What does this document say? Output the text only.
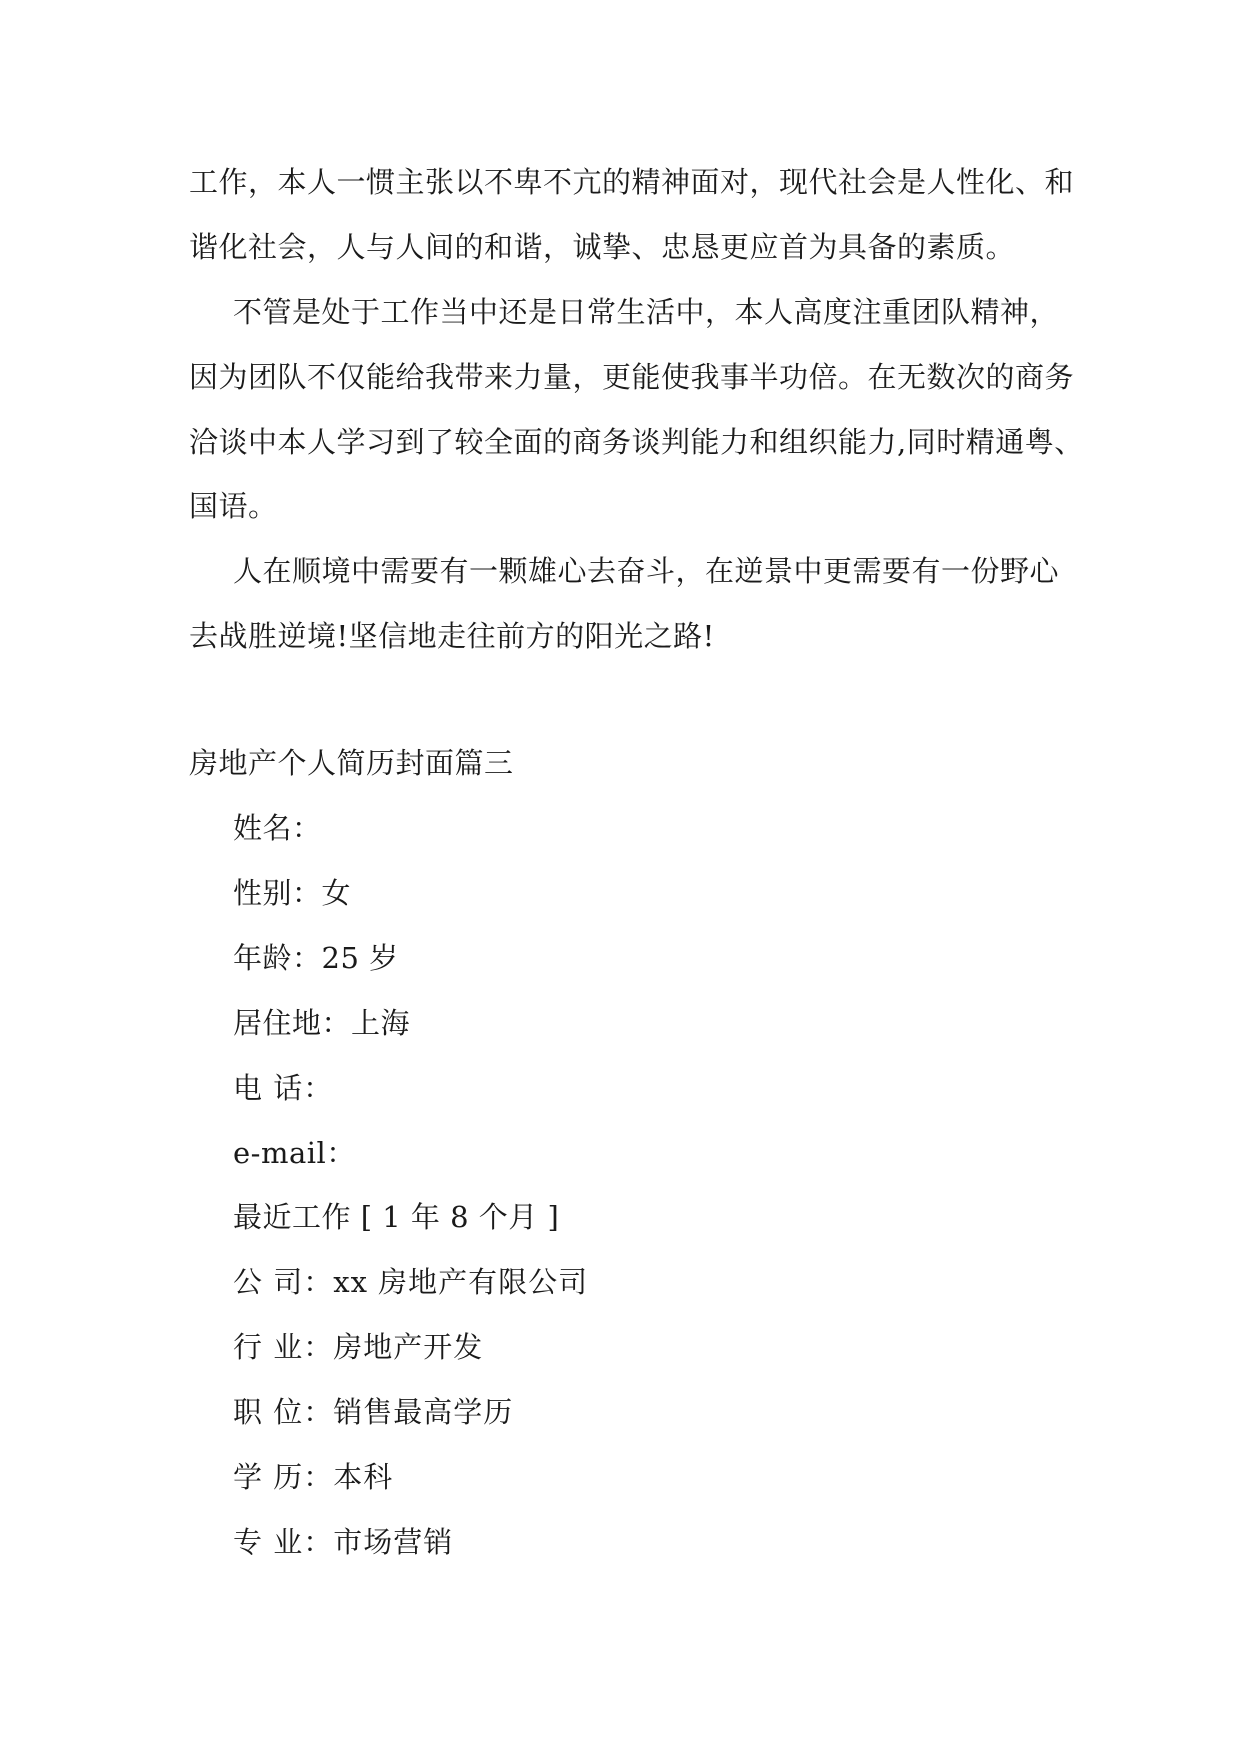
工作，本人一惯主张以不卑不亢的精神面对，现代社会是人性化、和
谐化社会，人与人间的和谐，诚挚、忠恳更应首为具备的素质。
不管是处于工作当中还是日常生活中，本人高度注重团队精神，
因为团队不仅能给我带来力量，更能使我事半功倍。在无数次的商务
洽谈中本人学习到了较全面的商务谈判能力和组织能力,同时精通粤、
国语。
人在顺境中需要有一颗雄心去奋斗，在逆景中更需要有一份野心
去战胜逆境!坚信地走往前方的阳光之路!
房地产个人简历封面篇三
姓名：
性别：女
年龄：25 岁
居住地：上海
电 话：
e-mail：
最近工作 [ 1 年 8 个月 ]
公 司：xx 房地产有限公司
行 业：房地产开发
职 位：销售最高学历
学 历：本科
专 业：市场营销
